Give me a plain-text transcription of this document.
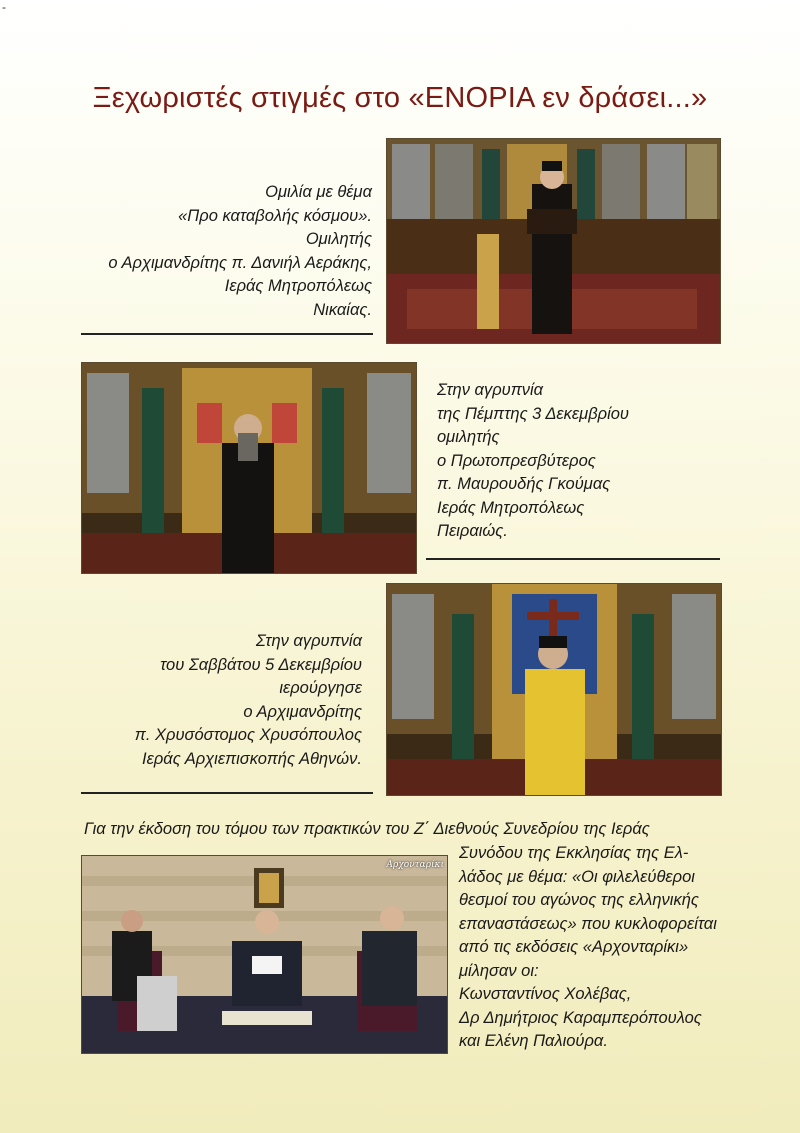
-
Ξεχωριστές στιγμές στο «ΕΝΟΡΙΑ εν δράσει...»

Ομιλία με θέμα
«Προ καταβολής κόσμου».
Ομιλητής
ο Αρχιμανδρίτης π. Δανιήλ Αεράκης,
Ιεράς Μητροπόλεως
Νικαίας.

Στην αγρυπνία
της Πέμπτης 3 Δεκεμβρίου
ομιλητής
ο Πρωτοπρεσβύτερος
π. Μαυρουδής Γκούμας
Ιεράς Μητροπόλεως
Πειραιώς.

Στην αγρυπνία
του Σαββάτου 5 Δεκεμβρίου
ιερούργησε
ο Αρχιμανδρίτης
π. Χρυσόστομος Χρυσόπουλος
Ιεράς Αρχιεπισκοπής Αθηνών.

Για την έκδοση του τόμου των πρακτικών του Ζ΄ Διεθνούς Συνεδρίου της Ιεράς

Αρχονταρίκι

Συνόδου της Εκκλησίας της Ελ-
λάδος με θέμα: «Οι φιλελεύθεροι
θεσμοί του αγώνος της ελληνικής
επαναστάσεως» που κυκλοφορείται
από τις εκδόσεις «Αρχονταρίκι»
μίλησαν οι:
Κωνσταντίνος Χολέβας,
Δρ Δημήτριος Καραμπερόπουλος
και Ελένη Παλιούρα.
